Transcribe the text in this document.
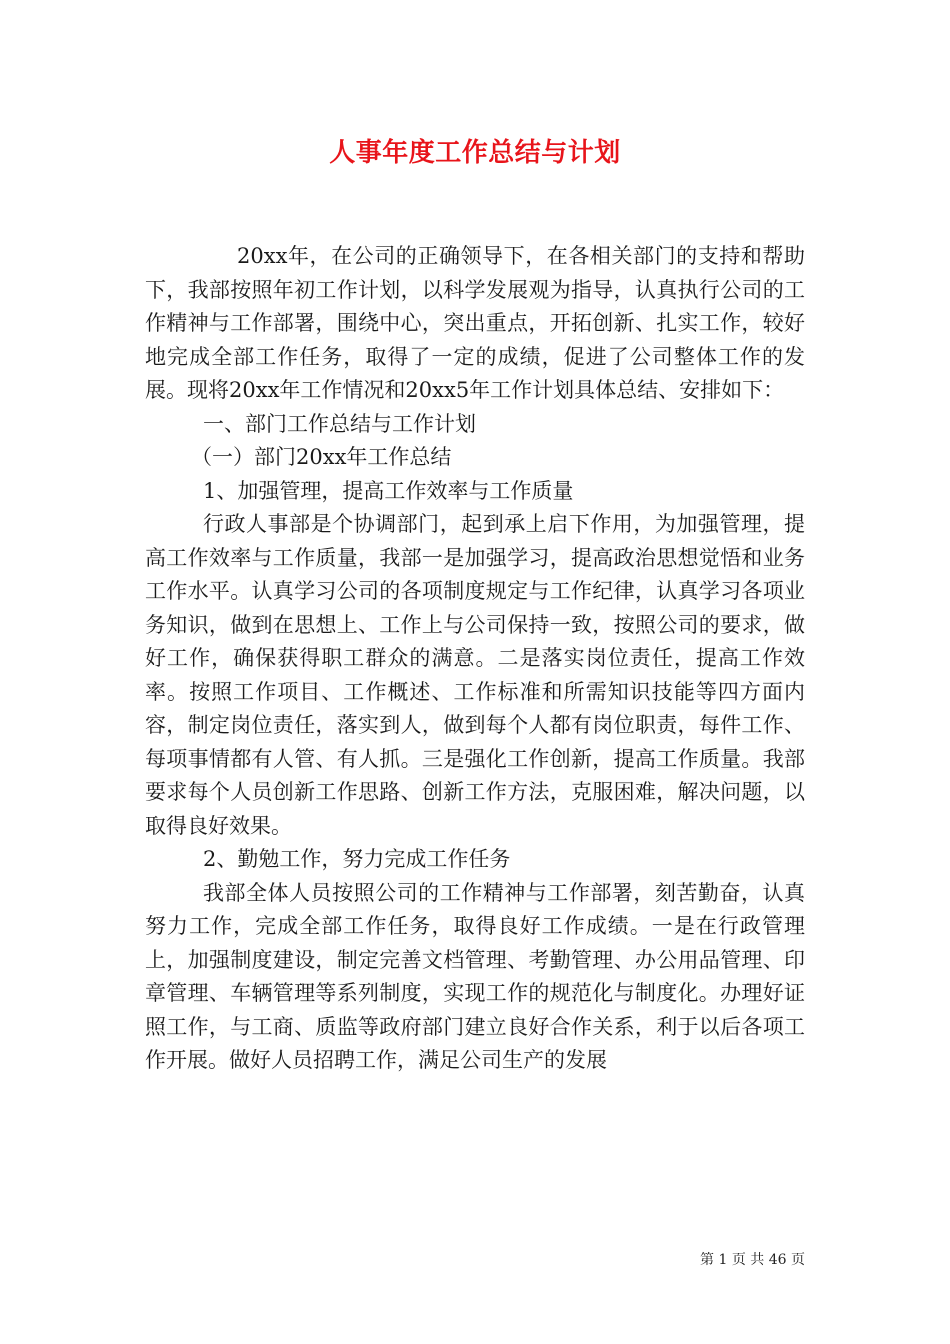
人事年度工作总结与计划

20xx年，在公司的正确领导下，在各相关部门的支持和帮助下，我部按照年初工作计划，以科学发展观为指导，认真执行公司的工作精神与工作部署，围绕中心，突出重点，开拓创新、扎实工作，较好地完成全部工作任务，取得了一定的成绩，促进了公司整体工作的发展。现将20xx年工作情况和20xx5年工作计划具体总结、安排如下：

一、部门工作总结与工作计划

（一）部门20xx年工作总结

1、加强管理，提高工作效率与工作质量

行政人事部是个协调部门，起到承上启下作用，为加强管理，提高工作效率与工作质量，我部一是加强学习，提高政治思想觉悟和业务工作水平。认真学习公司的各项制度规定与工作纪律，认真学习各项业务知识，做到在思想上、工作上与公司保持一致，按照公司的要求，做好工作，确保获得职工群众的满意。二是落实岗位责任，提高工作效率。按照工作项目、工作概述、工作标准和所需知识技能等四方面内容，制定岗位责任，落实到人，做到每个人都有岗位职责，每件工作、每项事情都有人管、有人抓。三是强化工作创新，提高工作质量。我部要求每个人员创新工作思路、创新工作方法，克服困难，解决问题，以取得良好效果。

2、勤勉工作，努力完成工作任务

我部全体人员按照公司的工作精神与工作部署，刻苦勤奋，认真努力工作，完成全部工作任务，取得良好工作成绩。一是在行政管理上，加强制度建设，制定完善文档管理、考勤管理、办公用品管理、印章管理、车辆管理等系列制度，实现工作的规范化与制度化。办理好证照工作，与工商、质监等政府部门建立良好合作关系，利于以后各项工作开展。做好人员招聘工作，满足公司生产的发展

第 1 页 共 46 页
